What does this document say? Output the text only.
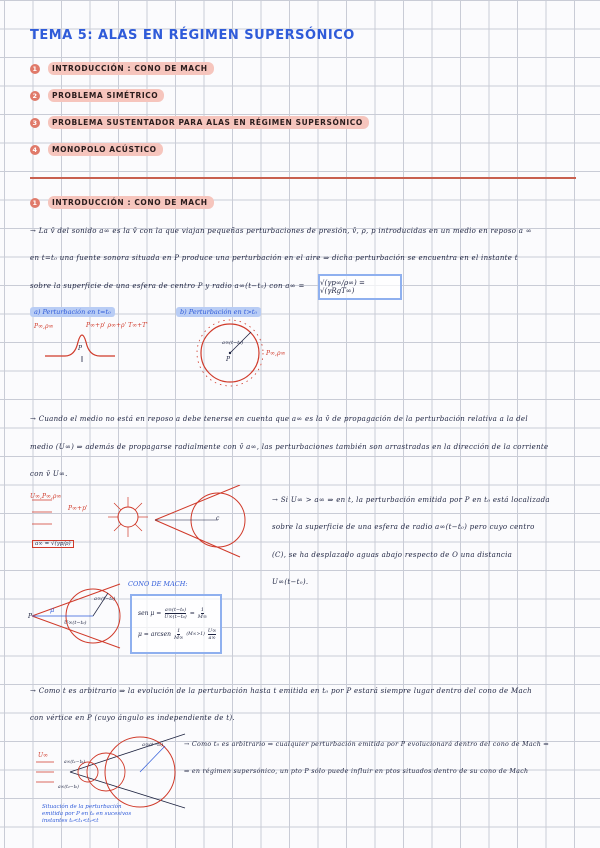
TEMA 5: ALAS EN RÉGIMEN SUPERSÓNICO
1	INTRODUCCIÓN : CONO DE MACH
2	PROBLEMA SIMÉTRICO
3	PROBLEMA SUSTENTADOR PARA ALAS EN RÉGIMEN SUPERSÓNICO
4	MONOPOLO ACÚSTICO
1	INTRODUCCIÓN : CONO DE MACH
→ La v̄ del sonido a∞ es la v̄ con la que viajan pequeñas perturbaciones de presión, v̄, ρ, p introducidas en un medio en reposo a ∞
en t=t₀ una fuente sonora situada en P produce una perturbación en el aire ⇒ dicha perturbación se encuentra en el instante t
sobre la superficie de una esfera de centro P y radio a∞(t−t₀) con a∞ = √(γp∞/ρ∞) = √(γRgT∞)
a) Perturbación en t=t₀
P∞,ρ∞	P∞+p' ρ∞+ρ' T∞+T'
P
b) Perturbación en t>t₀
a∞(t−t₀)
P∞,ρ∞
P
→ Cuando el medio no está en reposo a debe tenerse en cuenta que a∞ es la v̄ de propagación de la perturbación relativa a la del
medio (U∞) ⇒ además de propagarse radialmente con v̄ a∞, las perturbaciones también son arrastradas en la dirección de la corriente
con v̄ U∞.
U∞,P∞,ρ∞
P∞+p'
c
a∞ = √(γp/ρ)
→ Si U∞ > a∞ ⇒ en t, la perturbación emitida por P en t₀ está localizada
sobre la superficie de una esfera de radio a∞(t−t₀) pero cuyo centro
(C), se ha desplazado aguas abajo respecto de O una distancia
U∞(t−t₀).
P
μ
a∞(t−t₀)
U∞(t−t₀)
CONO DE MACH:
sen $\mu = \frac{\text{a∞(t−t₀)}}{\text{U∞(t−t₀)}} = \frac{1}{M\infty}$
μ = arcsen $\frac{1}{M\infty} (M\infty>1) \frac{U\infty}{a\infty}$
→ Como t es arbitrario ⇒ la evolución de la perturbación hasta t emitida en t₀ por P estará siempre lugar dentro del cono de Mach
con vértice en P (cuyo ángulo es independiente de t).
U∞
a∞(t−t₀)
a∞(t₁−t₀)
a∞(t₂−t₀)
Situación de la perturbación
emitida por P en t₀ en sucesivos
instantes t₀<t₁<t₂<t
→ Como t₀ es arbitrario ⇒ cualquier perturbación emitida por P evolucionará dentro del cono de Mach ⇒
⇒ en régimen supersónico, un pto P sólo puede influir en ptos situados dentro de su cono de Mach
